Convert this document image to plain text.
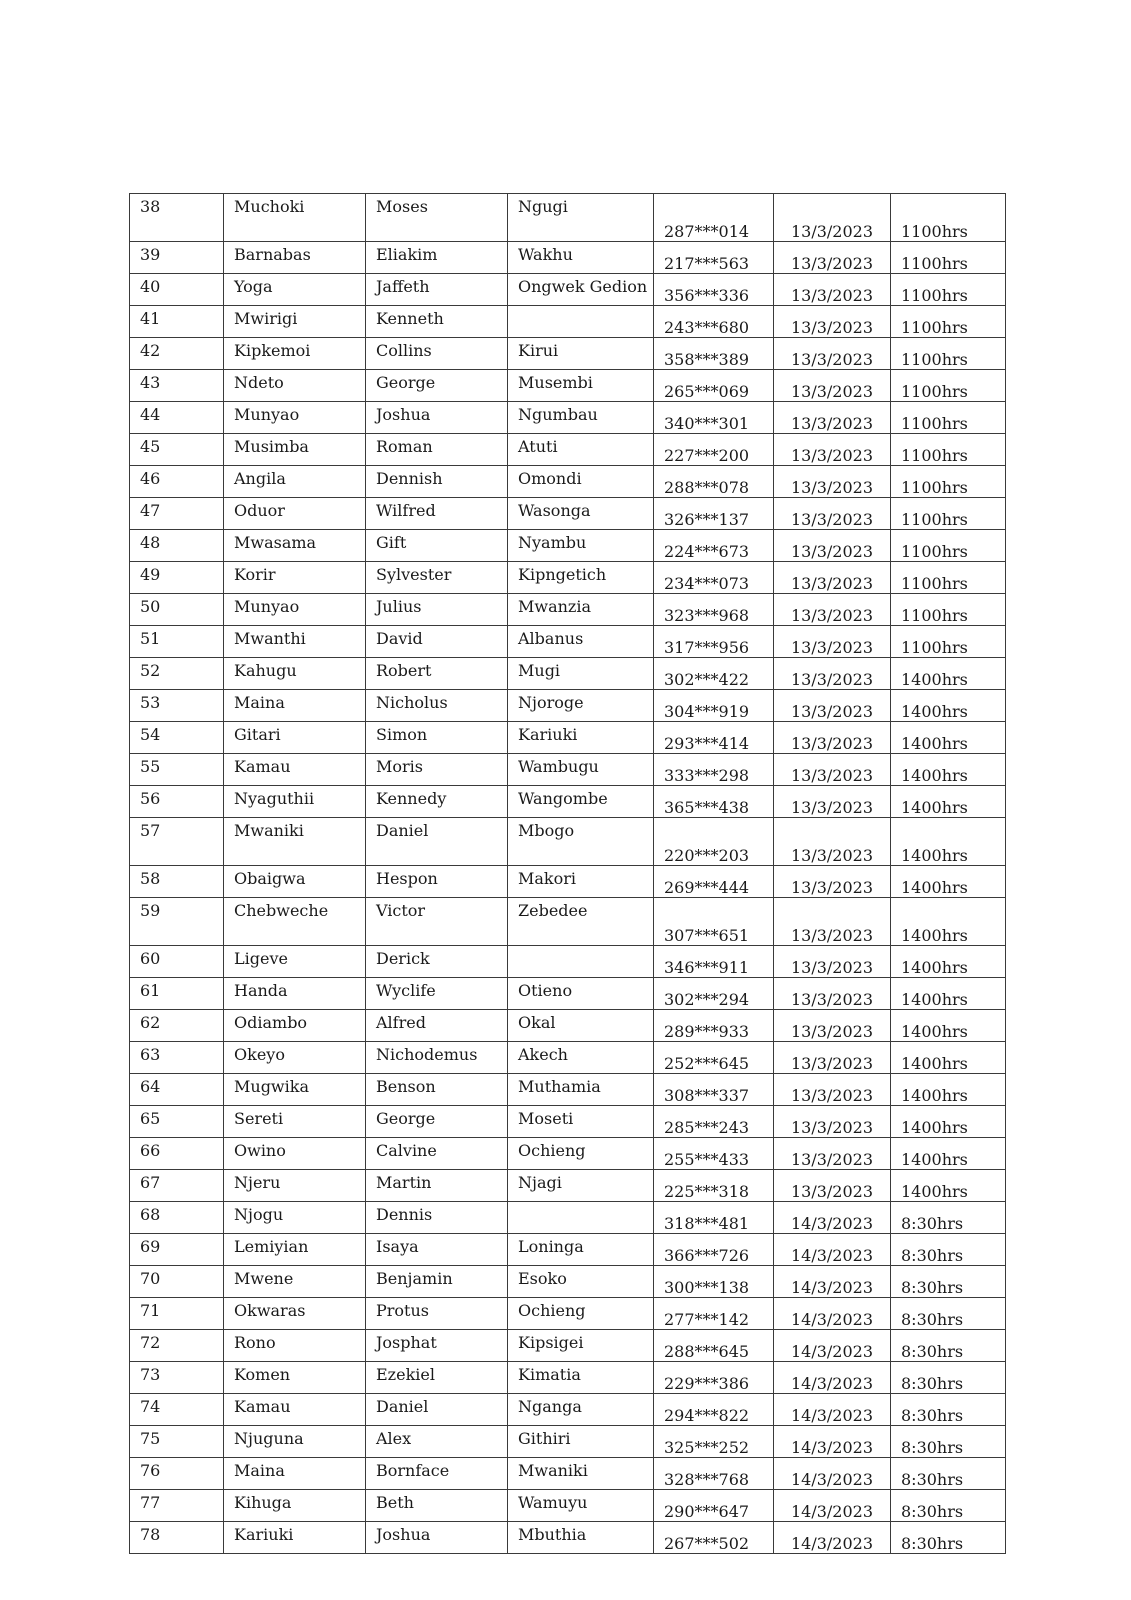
38	Muchoki	Moses	Ngugi	287***014	13/3/2023	1100hrs
39	Barnabas	Eliakim	Wakhu	217***563	13/3/2023	1100hrs
40	Yoga	Jaffeth	Ongwek Gedion	356***336	13/3/2023	1100hrs
41	Mwirigi	Kenneth		243***680	13/3/2023	1100hrs
42	Kipkemoi	Collins	Kirui	358***389	13/3/2023	1100hrs
43	Ndeto	George	Musembi	265***069	13/3/2023	1100hrs
44	Munyao	Joshua	Ngumbau	340***301	13/3/2023	1100hrs
45	Musimba	Roman	Atuti	227***200	13/3/2023	1100hrs
46	Angila	Dennish	Omondi	288***078	13/3/2023	1100hrs
47	Oduor	Wilfred	Wasonga	326***137	13/3/2023	1100hrs
48	Mwasama	Gift	Nyambu	224***673	13/3/2023	1100hrs
49	Korir	Sylvester	Kipngetich	234***073	13/3/2023	1100hrs
50	Munyao	Julius	Mwanzia	323***968	13/3/2023	1100hrs
51	Mwanthi	David	Albanus	317***956	13/3/2023	1100hrs
52	Kahugu	Robert	Mugi	302***422	13/3/2023	1400hrs
53	Maina	Nicholus	Njoroge	304***919	13/3/2023	1400hrs
54	Gitari	Simon	Kariuki	293***414	13/3/2023	1400hrs
55	Kamau	Moris	Wambugu	333***298	13/3/2023	1400hrs
56	Nyaguthii	Kennedy	Wangombe	365***438	13/3/2023	1400hrs
57	Mwaniki	Daniel	Mbogo	220***203	13/3/2023	1400hrs
58	Obaigwa	Hespon	Makori	269***444	13/3/2023	1400hrs
59	Chebweche	Victor	Zebedee	307***651	13/3/2023	1400hrs
60	Ligeve	Derick		346***911	13/3/2023	1400hrs
61	Handa	Wyclife	Otieno	302***294	13/3/2023	1400hrs
62	Odiambo	Alfred	Okal	289***933	13/3/2023	1400hrs
63	Okeyo	Nichodemus	Akech	252***645	13/3/2023	1400hrs
64	Mugwika	Benson	Muthamia	308***337	13/3/2023	1400hrs
65	Sereti	George	Moseti	285***243	13/3/2023	1400hrs
66	Owino	Calvine	Ochieng	255***433	13/3/2023	1400hrs
67	Njeru	Martin	Njagi	225***318	13/3/2023	1400hrs
68	Njogu	Dennis		318***481	14/3/2023	8:30hrs
69	Lemiyian	Isaya	Loninga	366***726	14/3/2023	8:30hrs
70	Mwene	Benjamin	Esoko	300***138	14/3/2023	8:30hrs
71	Okwaras	Protus	Ochieng	277***142	14/3/2023	8:30hrs
72	Rono	Josphat	Kipsigei	288***645	14/3/2023	8:30hrs
73	Komen	Ezekiel	Kimatia	229***386	14/3/2023	8:30hrs
74	Kamau	Daniel	Nganga	294***822	14/3/2023	8:30hrs
75	Njuguna	Alex	Githiri	325***252	14/3/2023	8:30hrs
76	Maina	Bornface	Mwaniki	328***768	14/3/2023	8:30hrs
77	Kihuga	Beth	Wamuyu	290***647	14/3/2023	8:30hrs
78	Kariuki	Joshua	Mbuthia	267***502	14/3/2023	8:30hrs
